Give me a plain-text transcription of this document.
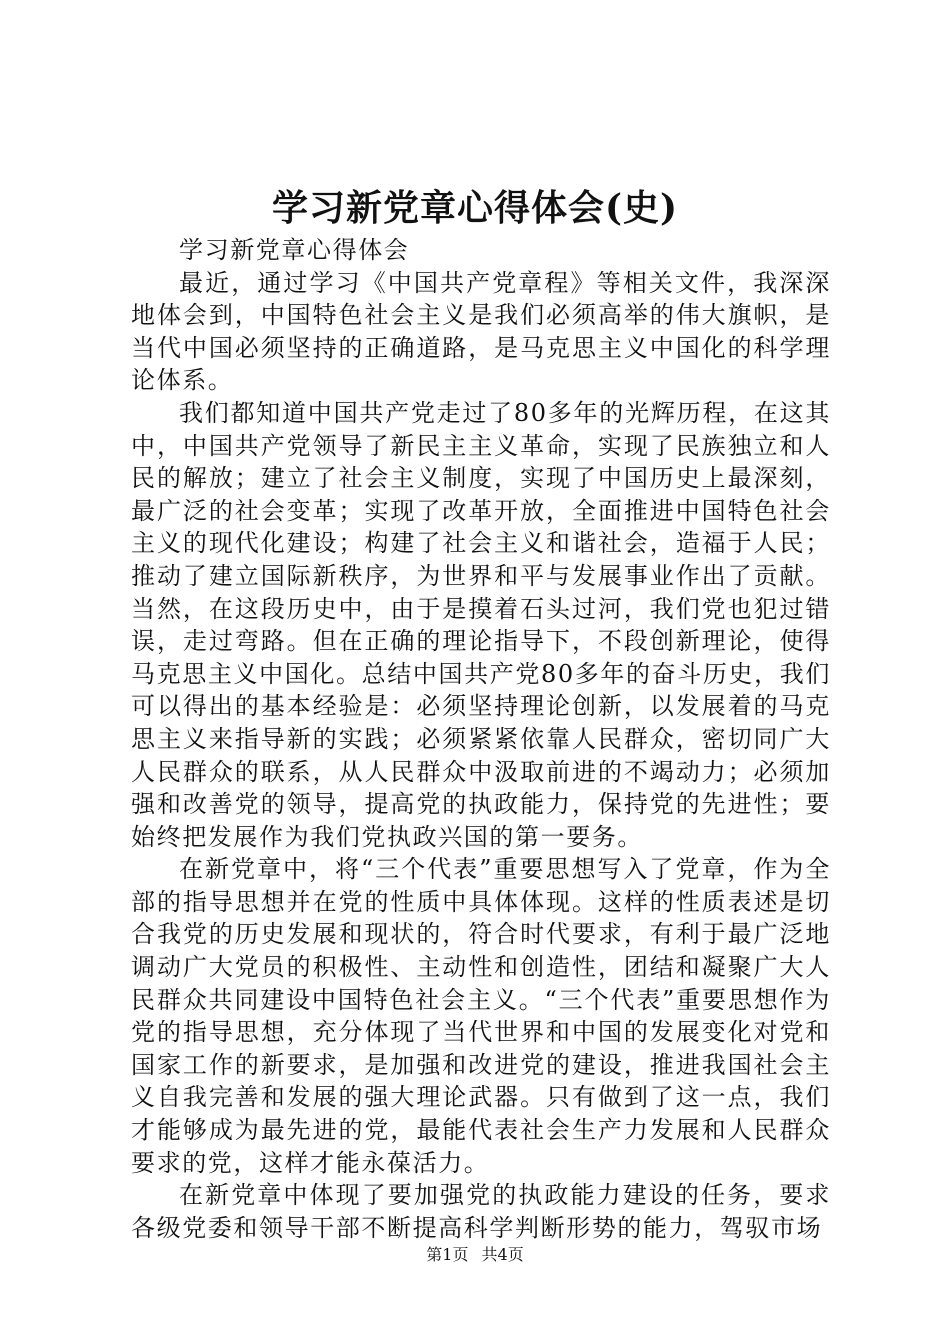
学习新党章心得体会(史)

学习新党章心得体会

最近，通过学习《中国共产党章程》等相关文件，我深深地体会到，中国特色社会主义是我们必须高举的伟大旗帜，是当代中国必须坚持的正确道路，是马克思主义中国化的科学理论体系。

我们都知道中国共产党走过了80多年的光辉历程，在这其中，中国共产党领导了新民主主义革命，实现了民族独立和人民的解放；建立了社会主义制度，实现了中国历史上最深刻，最广泛的社会变革；实现了改革开放，全面推进中国特色社会主义的现代化建设；构建了社会主义和谐社会，造福于人民；推动了建立国际新秩序，为世界和平与发展事业作出了贡献。当然，在这段历史中，由于是摸着石头过河，我们党也犯过错误，走过弯路。但在正确的理论指导下，不段创新理论，使得马克思主义中国化。总结中国共产党80多年的奋斗历史，我们可以得出的基本经验是：必须坚持理论创新，以发展着的马克思主义来指导新的实践；必须紧紧依靠人民群众，密切同广大人民群众的联系，从人民群众中汲取前进的不竭动力；必须加强和改善党的领导，提高党的执政能力，保持党的先进性；要始终把发展作为我们党执政兴国的第一要务。

在新党章中，将“三个代表”重要思想写入了党章，作为全部的指导思想并在党的性质中具体体现。这样的性质表述是切合我党的历史发展和现状的，符合时代要求，有利于最广泛地调动广大党员的积极性、主动性和创造性，团结和凝聚广大人民群众共同建设中国特色社会主义。“三个代表”重要思想作为党的指导思想，充分体现了当代世界和中国的发展变化对党和国家工作的新要求，是加强和改进党的建设，推进我国社会主义自我完善和发展的强大理论武器。只有做到了这一点，我们才能够成为最先进的党，最能代表社会生产力发展和人民群众要求的党，这样才能永葆活力。

在新党章中体现了要加强党的执政能力建设的任务，要求各级党委和领导干部不断提高科学判断形势的能力，驾驭市场

第1页 共4页
